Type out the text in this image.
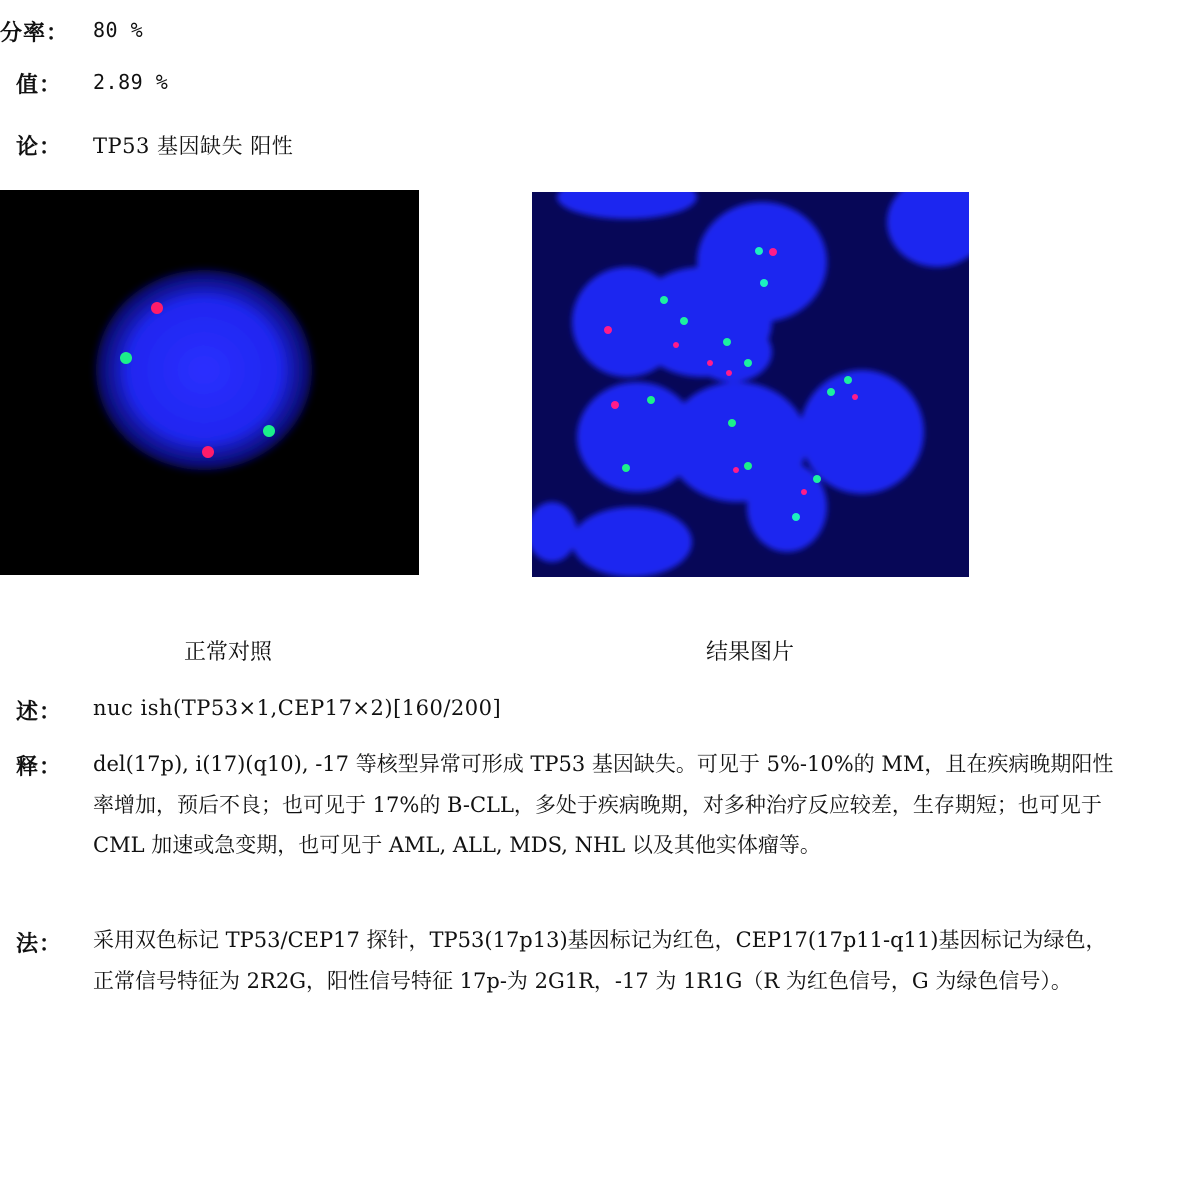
分率： 80 %
值： 2.89 %
论： TP53 基因缺失 阳性
正常对照	结果图片
述： nuc ish(TP53×1,CEP17×2)[160/200]
释： del(17p), i(17)(q10), -17 等核型异常可形成 TP53 基因缺失。可见于 5%-10%的 MM，且在疾病晚期阳性率增加，预后不良；也可见于 17%的 B-CLL，多处于疾病晚期，对多种治疗反应较差，生存期短；也可见于 CML 加速或急变期，也可见于 AML, ALL, MDS, NHL 以及其他实体瘤等。
法： 采用双色标记 TP53/CEP17 探针，TP53(17p13)基因标记为红色，CEP17(17p11-q11)基因标记为绿色，正常信号特征为 2R2G，阳性信号特征 17p-为 2G1R，-17 为 1R1G（R 为红色信号，G 为绿色信号）。
